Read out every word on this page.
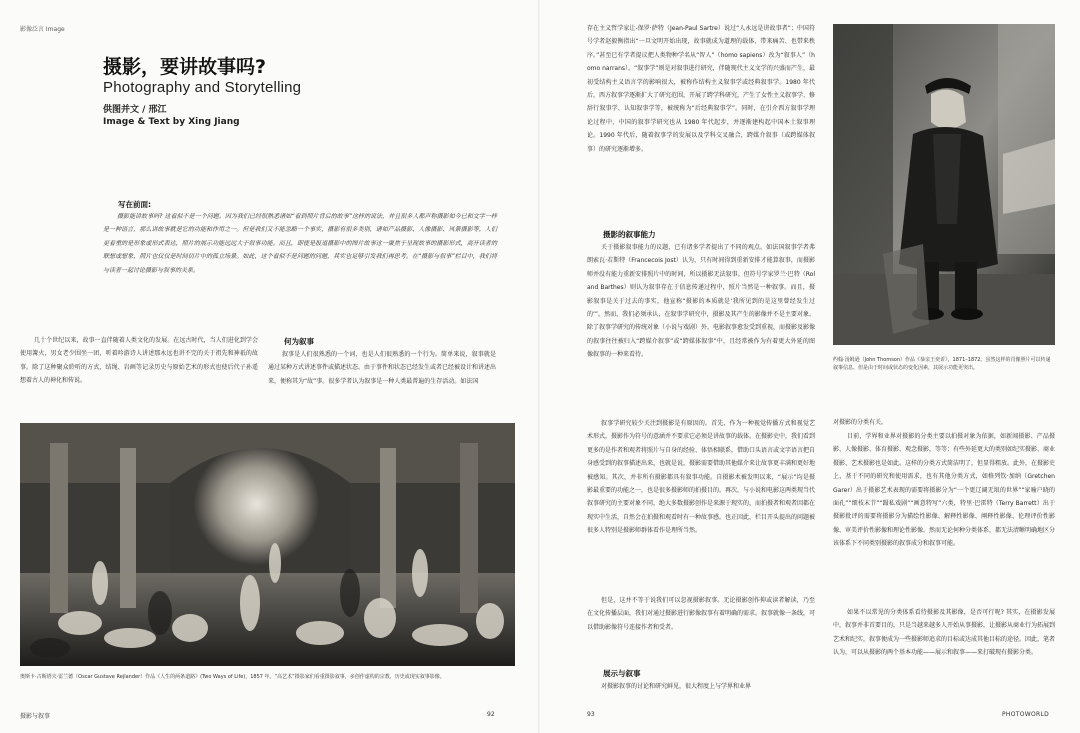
影像泛言 Image
摄影，要讲故事吗?
Photography and Storytelling
供图并文 / 邢江
Image & Text by Xing Jiang
写在前面:
摄影能讲故事吗? 这看似不是一个问题。因为我们已经很熟悉诸如“看到照片背后的故事”这样的说法，并且很多人都声称摄影如今已和文字一样是一种语言，那么讲故事就是它的功能和作用之一。但是我们又不能忽略一个事实，摄影有很多类别，诸如产品摄影、人像摄影、风景摄影等，人们更看重的是形象或形式表达，照片的展示功能远远大于叙事功能。而且，即使是报道摄影中的图片故事这一聚焦于呈现故事的摄影形式，离开读者的联想或想象，照片也仅仅是时间切片中的孤立场景。如此，这个看似不是问题的问题，其实也足够引发我们再思考。在“摄影与叙事”栏目中，我们将与读者一起讨论摄影与叙事的关系。
几十个世纪以来，故事一直伴随着人类文化的发展。在远古时代，当人们进化到学会使用篝火，男女老少围坐一团，听着吟游诗人讲述那永远也讲不完的关于祖先和神祇的故事。除了这种聚众聆听的方式，结绳、岩画等记录历史与原始艺术的形式也使后代子孙遥想着古人的神化和传说。
何为叙事
叙事是人们很熟悉的一个词，也是人们很熟悉的一个行为。简单来说，叙事就是通过某种方式讲述事件或描述状态。由于事件和状态已经发生或者已经被设计和讲述出来，便称其为“故”事。很多学者认为叙事是一种人类最普遍的生存活动。如法国
奥斯卡·古斯塔夫·雷兰德（Oscar Gustave Rejlander）作品《人生的两条道路》(Two Ways of Life)，1857 年。“高艺术”摄影家们看重摄影叙事，多创作虚构的宗教、历史或现实叙事影像。
摄影与叙事	92
存在主义哲学家让-保罗·萨特（Jean-Paul Sartre）说过“人永远是讲故事者”；中国符号学者赵毅衡指出“一旦文明开始出现，故事就成为道理的载体、带来痛苦、也带来秩序。”甚至已有学者提议把人类物种学名从“智人”（homo sapiens）改为“叙事人”（homo narrans）。“叙事学”则是对叙事进行研究，伴随现代主义文学的兴盛而产生，最初受结构主义语言学的影响很大，被称作结构主义叙事学或经典叙事学。1980 年代后，西方叙事学逐渐扩大了研究范围，开展了跨学科研究，产生了女性主义叙事学、修辞行叙事学、认知叙事学等，被统称为“后经典叙事学”。同时，在引介西方叙事学理论过程中，中国的叙事学研究也从 1980 年代起步，并逐渐建构起中国本土叙事理论。1990 年代后，随着叙事学的发展以及学科交叉融合，跨媒介叙事（或跨媒体叙事）的研究逐渐增多。
摄影的叙事能力
关于摄影叙事能力的议题，已有诸多学者提出了不同的观点。如法国叙事学者弗朗索瓦·若斯特（Francecois Jost）认为，只有时间得到重新安排才能算叙事，而摄影师并没有能力重新安排照片中的时间，所以摄影无法叙事。但符号学家罗兰·巴特（Roland Barthes）则认为叙事存在于信息传递过程中，照片当然是一种叙事。而且，摄影叙事是关于过去的事实，他宣称“摄影的本质就是‘我所见到的是这里曾经发生过的’”。然而，我们必须承认，在叙事学研究中，摄影及其产生的影像并不是主要对象。除了叙事学研究的传统对象（小说与戏剧）外，电影叙事愈发受到重视，而摄影及影像的叙事往往被归入“跨媒介叙事”或“跨媒体叙事”中，且经常被作为有着更大外延的图像叙事的一种来看待。
约翰·汤姆逊（John Thomson）作品《恭亲王奕䜣》，1871–1872。虽然这样的肖像照片可以传递叙事信息，但是由于时间或状态的变化因素，其展示功能更突出。
叙事学研究较少关注到摄影是有原因的。首先，作为一种视觉传播方式和视觉艺术形式，摄影作为符号的意涵并不要求它必须是讲故事的载体。在摄影史中，我们看到更多的是作者和观者将照片与自身的经验、体悟相联系，借助口头语言或文字语言把自身感受到的叙事描述出来，也就是说，摄影需要借助其他媒介来让故事更丰满和更好地被感知。其次，并非所有摄影都具有叙事功能。自摄影术被发明以来，“展示”均是摄影最重要的功能之一，也是很多摄影师的拍摄目的。再次，与小说和电影这两类现当代叙事研究的主要对象不同，绝大多数摄影创作是来源于现实的，而拍摄者和观者因都在现实中生活，自然会在拍摄和观看时有一种故事感。也正因此，栏目开头提出的问题被很多人特别是摄影师群体看作是理所当然。
但是，这并不等于说我们可以忽视摄影叙事。无论摄影创作抑或读者解读，乃至在文化传播层面，我们对通过摄影进行影像叙事有着明确的需求。叙事就像一条线，可以借助影像符号连接作者和受者。
展示与叙事
对摄影叙事的讨论和研究鲜见，很大程度上与学界和业界
对摄影的分类有关。
目前，学界和业界对摄影的分类主要以拍摄对象为依据，如新闻摄影、产品摄影、人像摄影、体育摄影、观念摄影，等等；有些外延更大的类别如纪实摄影、商业摄影、艺术摄影也是如此。这样的分类方式简洁明了，但显得粗放。此外，在摄影史上，基于不同的研究和使用需求，也有其他分类方式，如格列钦·加纳（Gretchen Garer）出于摄影艺术表现的需要将摄影分为“一个更辽阔无垠的世界”“家喻户晓的面孔”“细枝末节”“蹑私戏剧”“画意特写”六类，特里·巴雷特（Terry Barrett）出于摄影批评的需要将摄影分为描绘性影像、解释性影像、阐释性影像、伦理评价性影像、审美评价性影像和理论性影像。然而无论何种分类体系，都无法清晰明确地区分该体系下不同类别摄影的叙事成分和叙事可能。
如果不以常见的分类体系看待摄影及其影像，是否可行呢? 其实，在摄影发展中，叙事并非首要目的，只是当越来越多人开始从事摄影，让摄影从商业行为拓展到艺术和纪实，叙事便成为一些摄影师追求的目标或达成其他目标的途径。因此，笔者认为，可以从摄影的两个基本功能——展示和叙事——来打破现有摄影分类。
93	PHOTOWORLD
